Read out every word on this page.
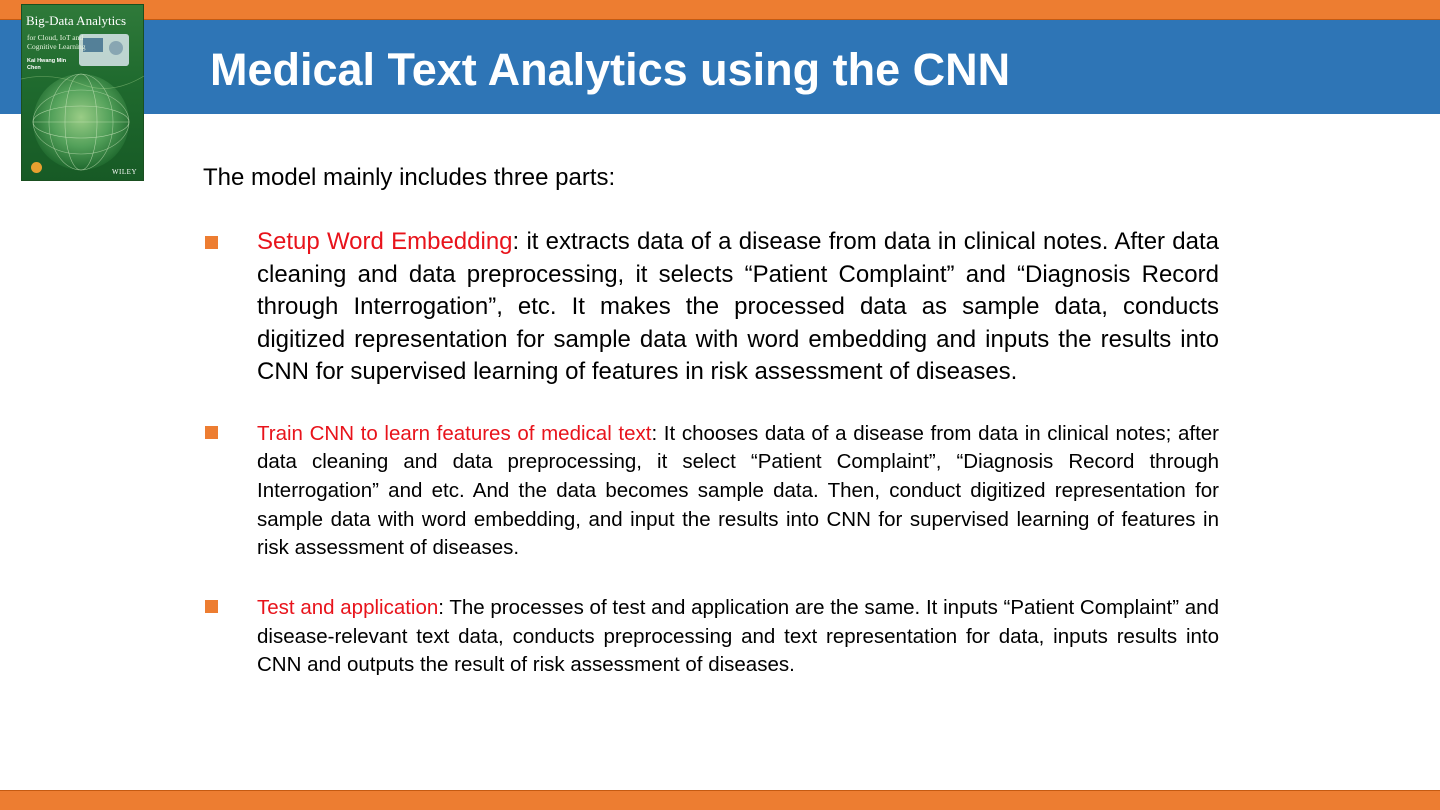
Medical Text Analytics using the CNN
Big-Data Analytics
for Cloud, IoT and Cognitive Learning
Kai Hwang Min Chen
WILEY	The model mainly includes three parts:

Setup Word Embedding: it extracts data of a disease from data in clinical notes. After data cleaning and data preprocessing, it selects “Patient Complaint” and “Diagnosis Record through Interrogation”, etc. It makes the processed data as sample data, conducts digitized representation for sample data with word embedding and inputs the results into CNN for supervised learning of features in risk assessment of diseases.
Train CNN to learn features of medical text: It chooses data of a disease from data in clinical notes; after data cleaning and data preprocessing, it select “Patient Complaint”, “Diagnosis Record through Interrogation” and etc. And the data becomes sample data. Then, conduct digitized representation for sample data with word embedding, and input the results into CNN for supervised learning of features in risk assessment of diseases.
Test and application: The processes of test and application are the same. It inputs “Patient Complaint” and disease-relevant text data, conducts preprocessing and text representation for data, inputs results into CNN and outputs the result of risk assessment of diseases.
